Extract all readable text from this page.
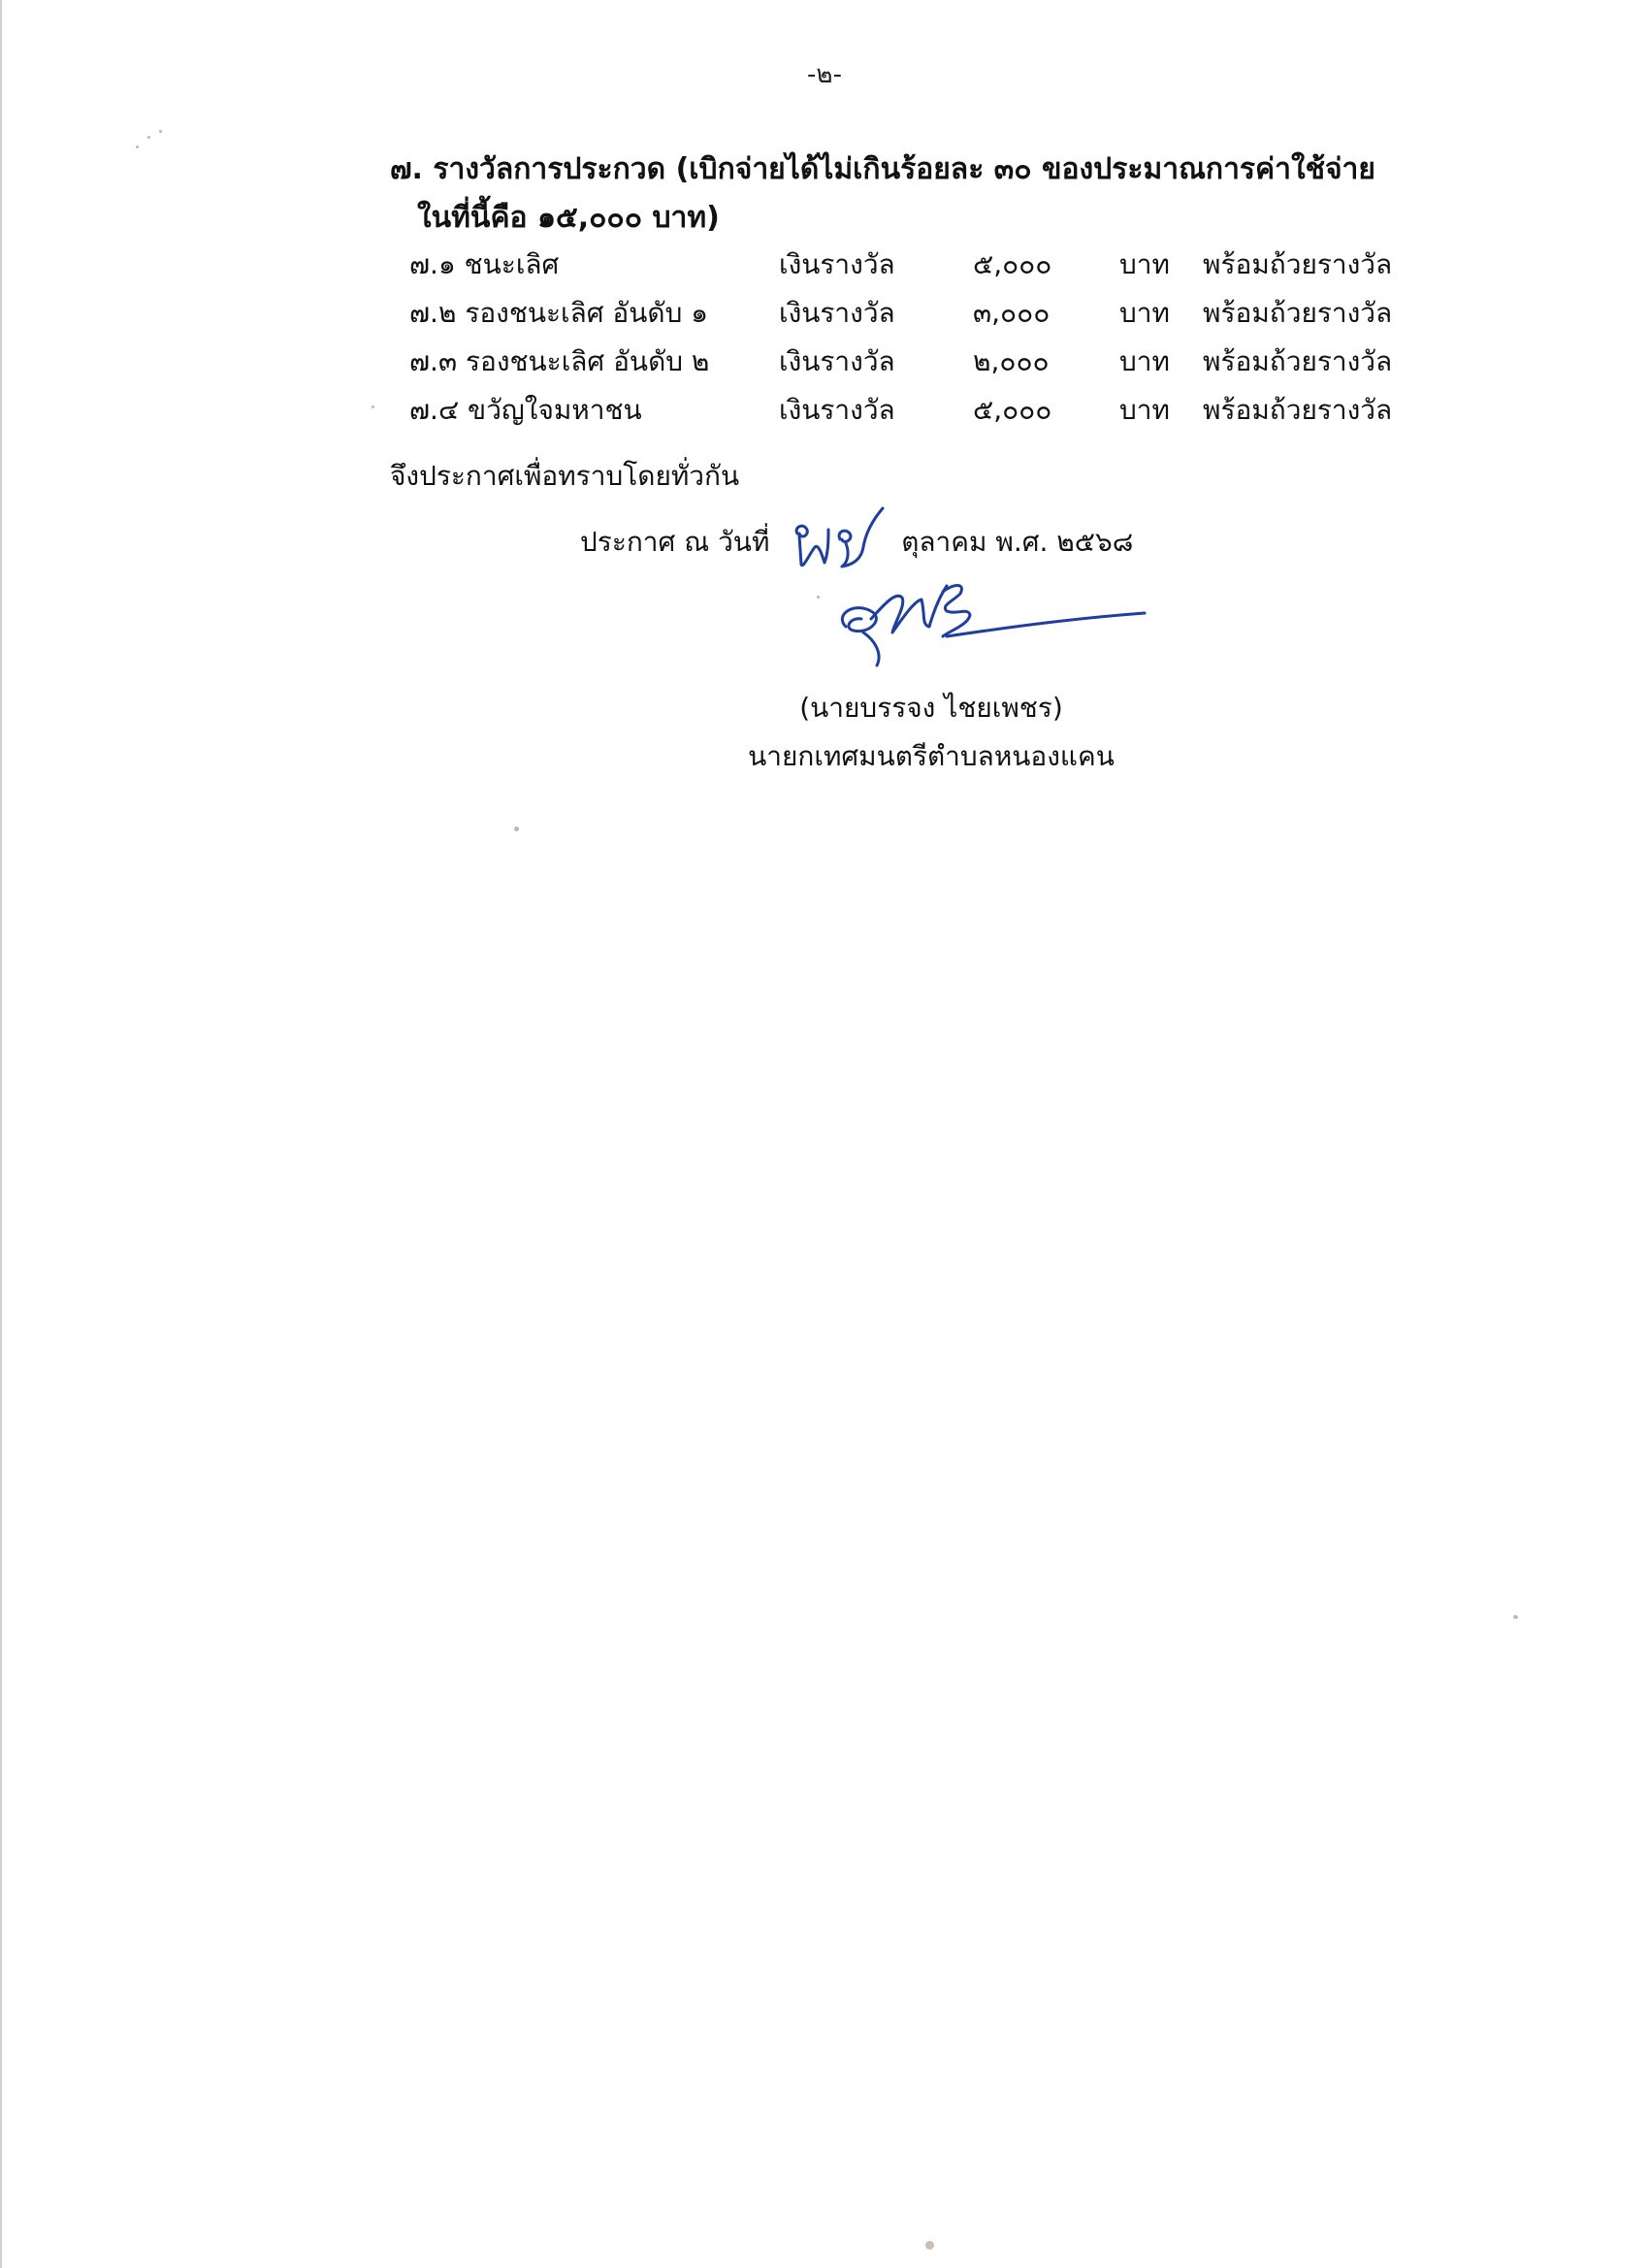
-๒-
๗. รางวัลการประกวด (เบิกจ่ายได้ไม่เกินร้อยละ ๓๐ ของประมาณการค่าใช้จ่าย
ในที่นี้คือ ๑๕,๐๐๐ บาท)
๗.๑ ชนะเลิศ	เงินรางวัล	๕,๐๐๐ บาท พร้อมถ้วยรางวัล
๗.๒ รองชนะเลิศ อันดับ ๑	เงินรางวัล	๓,๐๐๐	บาท พร้อมถ้วยรางวัล
๗.๓ รองชนะเลิศ อันดับ ๒	เงินรางวัล	๒,๐๐๐	บาท พร้อมถ้วยรางวัล
๗.๔ ขวัญใจมหาชน	เงินรางวัล	๕,๐๐๐ บาท พร้อมถ้วยรางวัล
จึงประกาศเพื่อทราบโดยทั่วกัน
ประกาศ ณ วันที่	ตุลาคม พ.ศ. ๒๕๖๘
(นายบรรจง ไชยเพชร)
นายกเทศมนตรีตำบลหนองแคน
